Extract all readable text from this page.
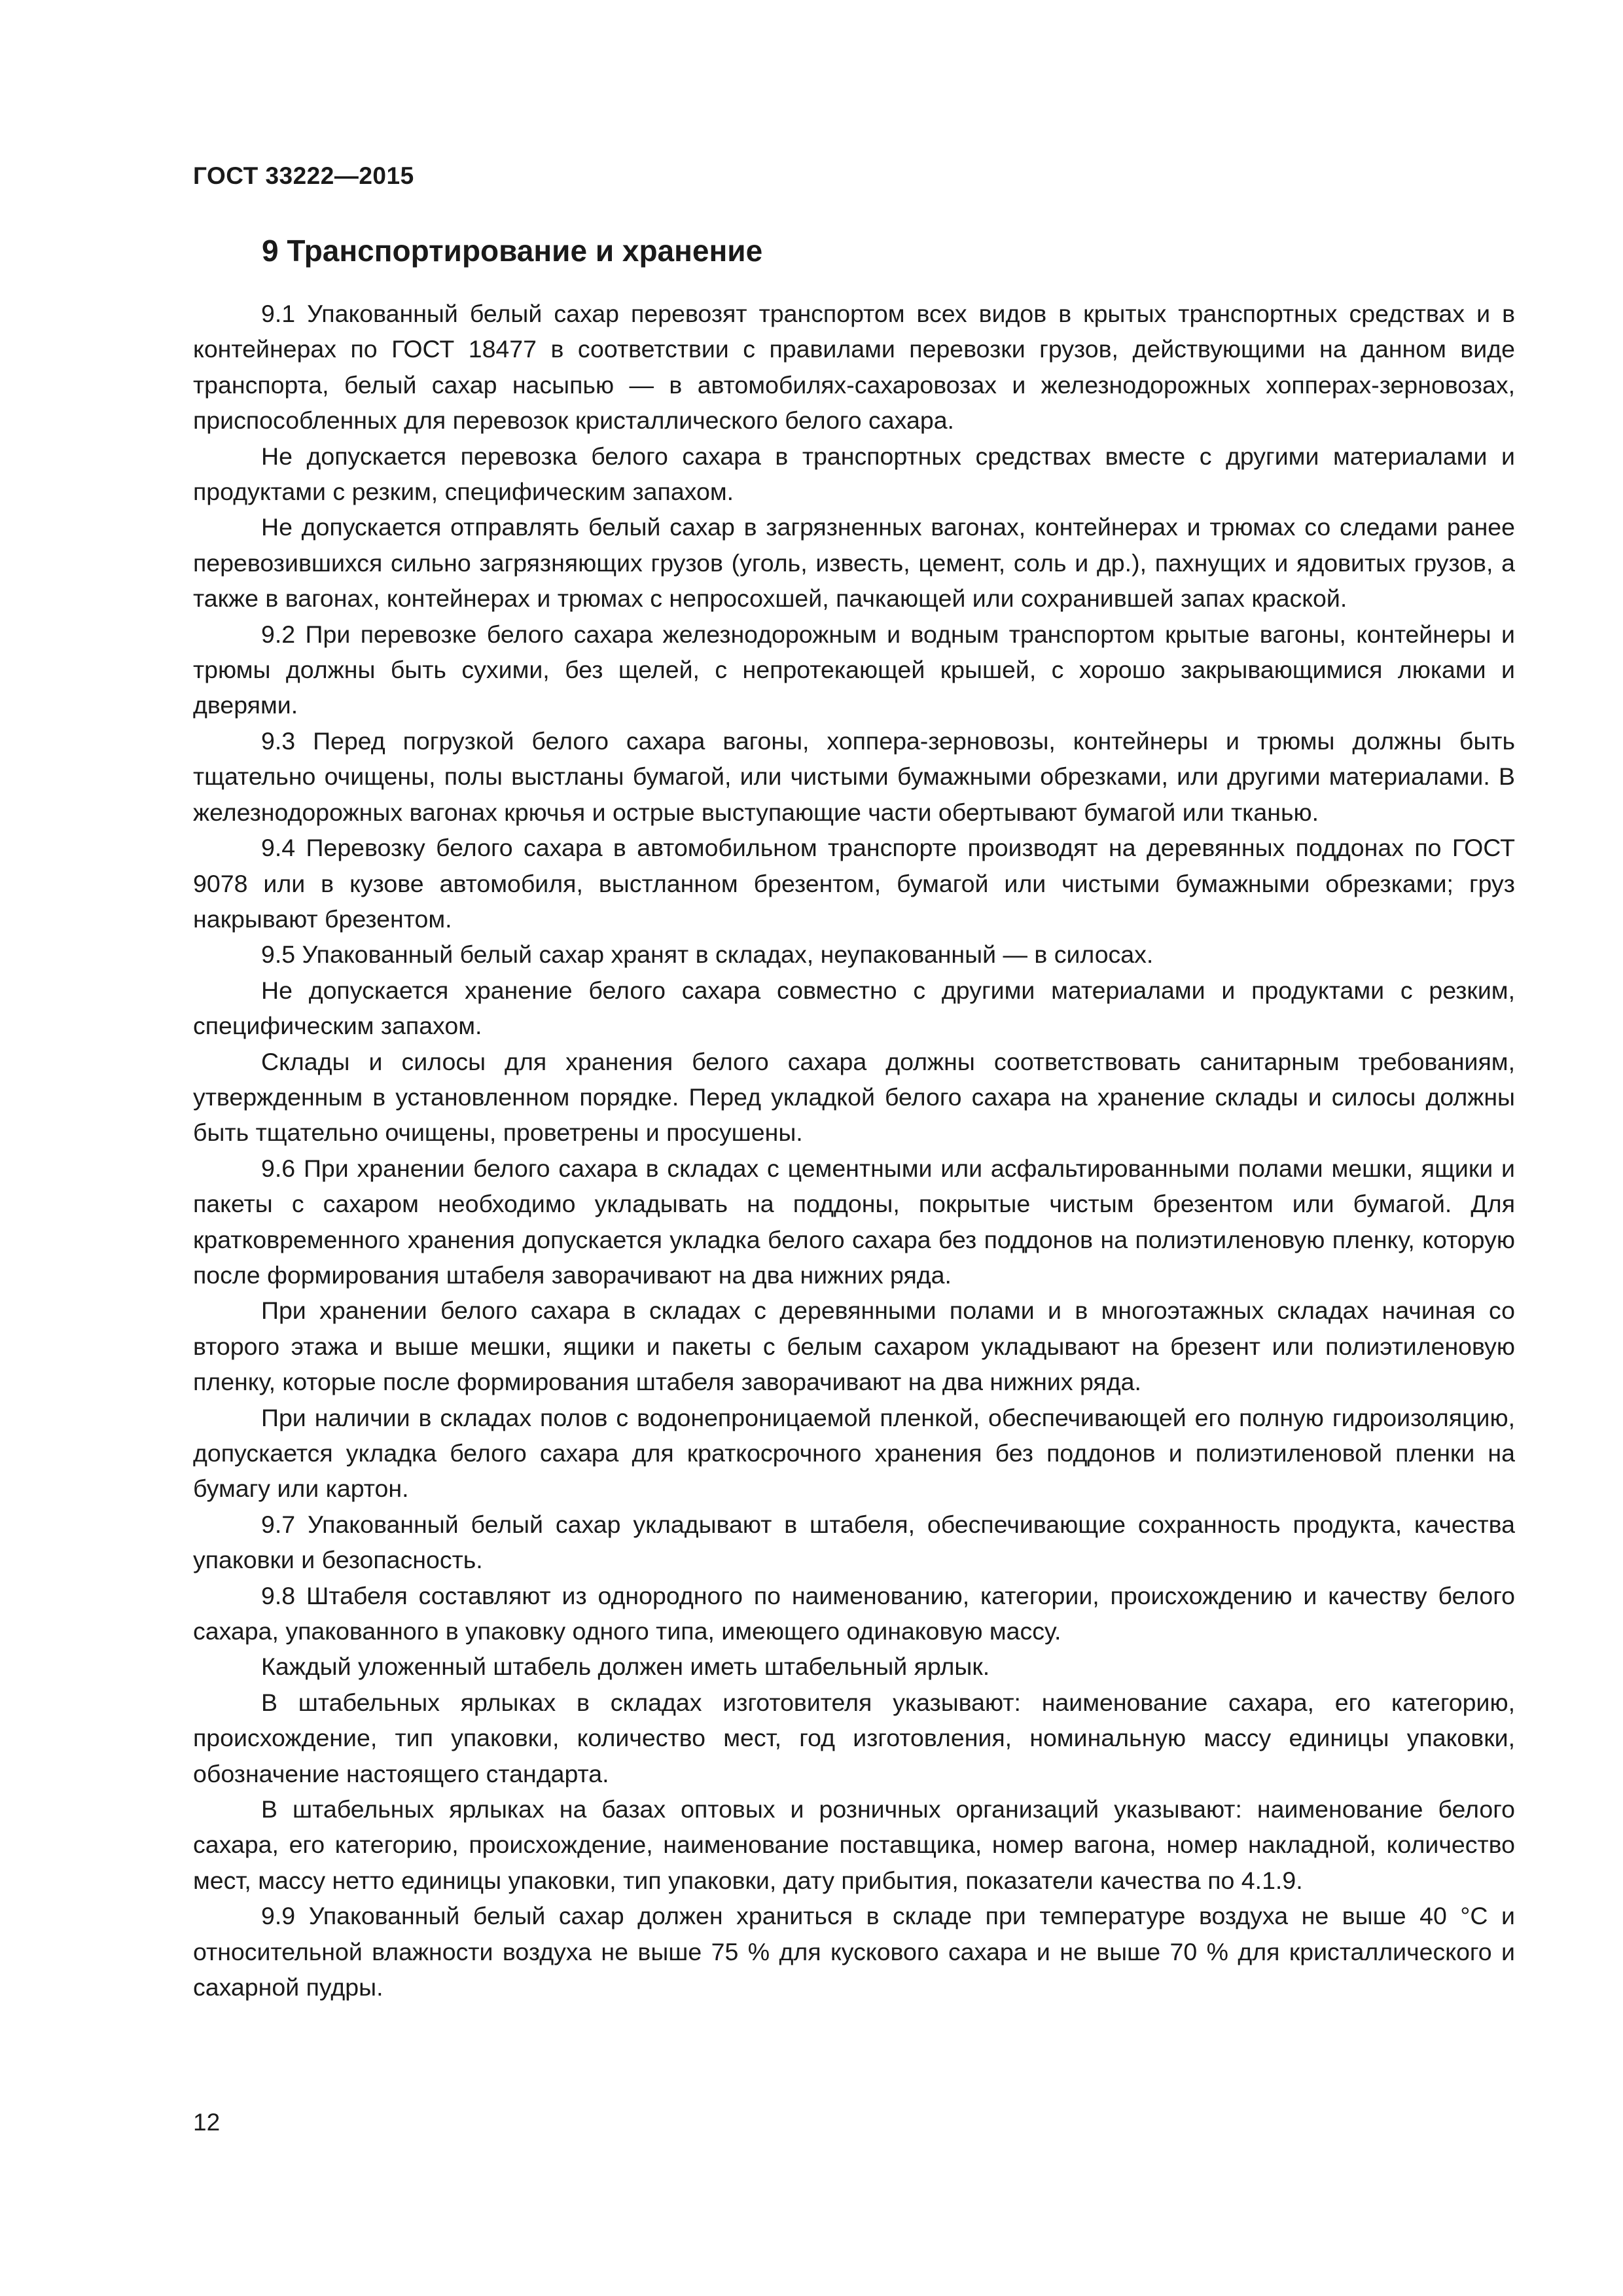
ГОСТ 33222—2015
9 Транспортирование и хранение

9.1 Упакованный белый сахар перевозят транспортом всех видов в крытых транспортных средствах и в контейнерах по ГОСТ 18477 в соответствии с правилами перевозки грузов, действующими на данном виде транспорта, белый сахар насыпью — в автомобилях-сахаровозах и железнодорожных хопперах-зерновозах, приспособленных для перевозок кристаллического белого сахара.

Не допускается перевозка белого сахара в транспортных средствах вместе с другими материалами и продуктами с резким, специфическим запахом.

Не допускается отправлять белый сахар в загрязненных вагонах, контейнерах и трюмах со следами ранее перевозившихся сильно загрязняющих грузов (уголь, известь, цемент, соль и др.), пахнущих и ядовитых грузов, а также в вагонах, контейнерах и трюмах с непросохшей, пачкающей или сохранившей запах краской.

9.2 При перевозке белого сахара железнодорожным и водным транспортом крытые вагоны, контейнеры и трюмы должны быть сухими, без щелей, с непротекающей крышей, с хорошо закрывающимися люками и дверями.

9.3 Перед погрузкой белого сахара вагоны, хоппера-зерновозы, контейнеры и трюмы должны быть тщательно очищены, полы выстланы бумагой, или чистыми бумажными обрезками, или другими материалами. В железнодорожных вагонах крючья и острые выступающие части обертывают бумагой или тканью.

9.4 Перевозку белого сахара в автомобильном транспорте производят на деревянных поддонах по ГОСТ 9078 или в кузове автомобиля, выстланном брезентом, бумагой или чистыми бумажными обрезками; груз накрывают брезентом.

9.5 Упакованный белый сахар хранят в складах, неупакованный — в силосах.

Не допускается хранение белого сахара совместно с другими материалами и продуктами с резким, специфическим запахом.

Склады и силосы для хранения белого сахара должны соответствовать санитарным требованиям, утвержденным в установленном порядке. Перед укладкой белого сахара на хранение склады и силосы должны быть тщательно очищены, проветрены и просушены.

9.6 При хранении белого сахара в складах с цементными или асфальтированными полами мешки, ящики и пакеты с сахаром необходимо укладывать на поддоны, покрытые чистым брезентом или бумагой. Для кратковременного хранения допускается укладка белого сахара без поддонов на полиэтиленовую пленку, которую после формирования штабеля заворачивают на два нижних ряда.

При хранении белого сахара в складах с деревянными полами и в многоэтажных складах начиная со второго этажа и выше мешки, ящики и пакеты с белым сахаром укладывают на брезент или полиэтиленовую пленку, которые после формирования штабеля заворачивают на два нижних ряда.

При наличии в складах полов с водонепроницаемой пленкой, обеспечивающей его полную гидроизоляцию, допускается укладка белого сахара для краткосрочного хранения без поддонов и полиэтиленовой пленки на бумагу или картон.

9.7 Упакованный белый сахар укладывают в штабеля, обеспечивающие сохранность продукта, качества упаковки и безопасность.

9.8 Штабеля составляют из однородного по наименованию, категории, происхождению и качеству белого сахара, упакованного в упаковку одного типа, имеющего одинаковую массу.

Каждый уложенный штабель должен иметь штабельный ярлык.

В штабельных ярлыках в складах изготовителя указывают: наименование сахара, его категорию, происхождение, тип упаковки, количество мест, год изготовления, номинальную массу единицы упаковки, обозначение настоящего стандарта.

В штабельных ярлыках на базах оптовых и розничных организаций указывают: наименование белого сахара, его категорию, происхождение, наименование поставщика, номер вагона, номер накладной, количество мест, массу нетто единицы упаковки, тип упаковки, дату прибытия, показатели качества по 4.1.9.

9.9 Упакованный белый сахар должен храниться в складе при температуре воздуха не выше 40 °С и относительной влажности воздуха не выше 75 % для кускового сахара и не выше 70 % для кристаллического и сахарной пудры.

12
